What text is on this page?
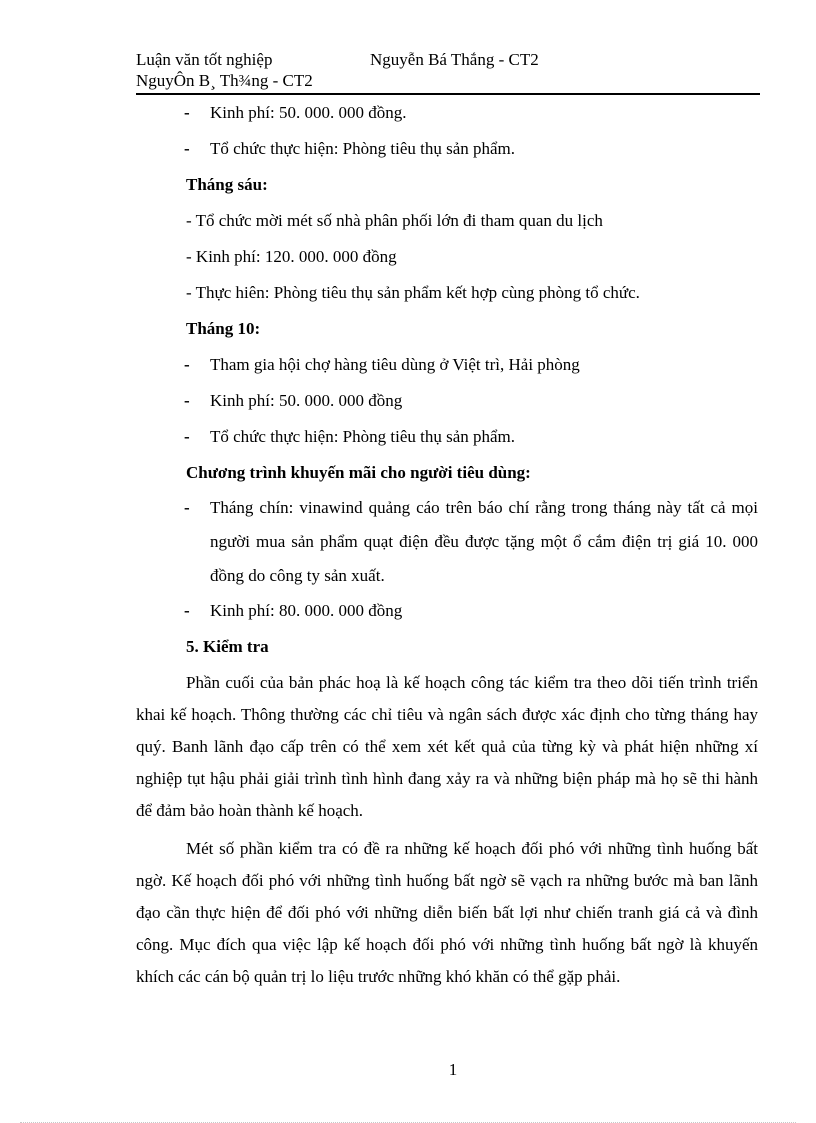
Luận văn tốt nghiệp	Nguyễn Bá Thắng - CT2
NguyÔn B¸ Th¾ng - CT2

- Kinh phí: 50. 000. 000 đồng.

- Tổ chức thực hiện: Phòng tiêu thụ sản phẩm.

Tháng sáu:

- Tổ chức mời mét số nhà phân phối lớn đi tham quan du lịch

- Kinh phí: 120. 000. 000 đồng

- Thực hiên: Phòng tiêu thụ sản phẩm kết hợp cùng phòng tổ chức.

Tháng 10:

- Tham gia hội chợ hàng tiêu dùng ở Việt trì, Hải phòng

- Kinh phí: 50. 000. 000 đồng

- Tổ chức thực hiện: Phòng tiêu thụ sản phẩm.

Chương trình khuyến mãi cho người tiêu dùng:

- Tháng chín: vinawind quảng cáo trên báo chí rằng trong tháng này tất cả mọi người mua sản phẩm quạt điện đều được tặng một ổ cắm điện trị giá 10. 000 đồng do công ty sản xuất.

- Kinh phí: 80. 000. 000 đồng

5. Kiểm tra

Phần cuối của bản phác hoạ là kế hoạch công tác kiểm tra theo dõi tiến trình triển khai kế hoạch. Thông thường các chỉ tiêu và ngân sách được xác định cho từng tháng hay quý. Banh lãnh đạo cấp trên có thể xem xét kết quả của từng kỳ và phát hiện những xí nghiệp tụt hậu phải giải trình tình hình đang xảy ra và những biện pháp mà họ sẽ thi hành để đảm bảo hoàn thành kế hoạch.

Mét số phần kiểm tra có đề ra những kế hoạch đối phó với những tình huống bất ngờ. Kế hoạch đối phó với những tình huống bất ngờ sẽ vạch ra những bước mà ban lãnh đạo cần thực hiện để đối phó với những diễn biến bất lợi như chiến tranh giá cả và đình công. Mục đích qua việc lập kế hoạch đối phó với những tình huống bất ngờ là khuyến khích các cán bộ quản trị lo liệu trước những khó khăn có thể gặp phải.

1
